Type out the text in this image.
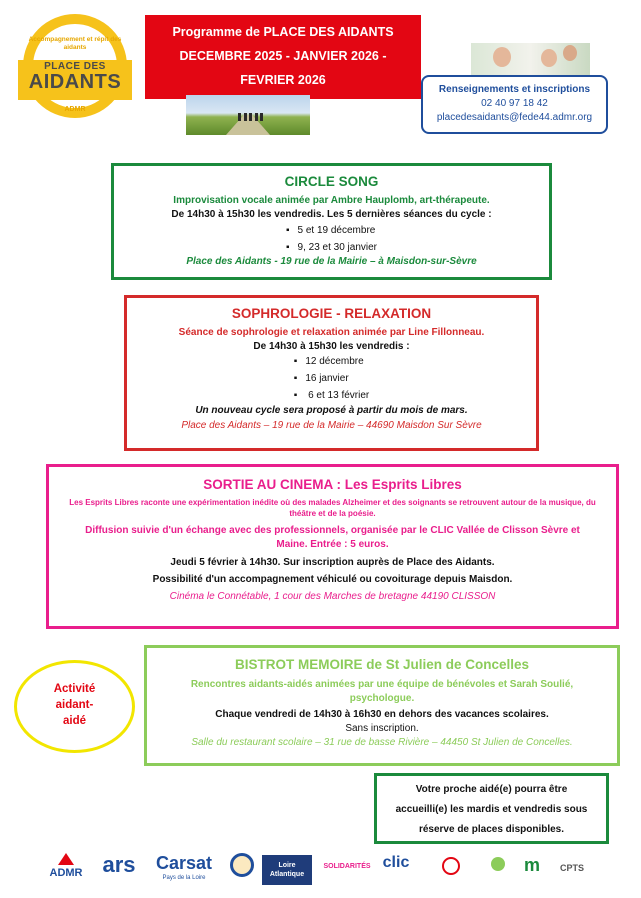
Accompagnement et répit des aidants
PLACE DES
AIDANTS
ADMR
Programme de PLACE DES AIDANTS
DECEMBRE 2025 - JANVIER 2026 -
FEVRIER 2026
Renseignements et inscriptions
02 40 97 18 42
placedesaidants@fede44.admr.org
CIRCLE SONG
Improvisation vocale animée par Ambre Hauplomb, art-thérapeute.
De 14h30 à 15h30 les vendredis. Les 5 dernières séances du cycle :
▪ 5 et 19 décembre
▪ 9, 23 et 30 janvier
Place des Aidants - 19 rue de la Mairie – à Maisdon-sur-Sèvre
SOPHROLOGIE - RELAXATION
Séance de sophrologie et relaxation animée par Line Fillonneau.
De 14h30 à 15h30 les vendredis :
▪ 12 décembre
▪ 16 janvier
▪ 6 et 13 février
Un nouveau cycle sera proposé à partir du mois de mars.
Place des Aidants – 19 rue de la Mairie – 44690 Maisdon Sur Sèvre
SORTIE AU CINEMA : Les Esprits Libres
Les Esprits Libres raconte une expérimentation inédite où des malades Alzheimer et des soignants se retrouvent autour de la musique, du théâtre et de la poésie.
Diffusion suivie d'un échange avec des professionnels, organisée par le CLIC Vallée de Clisson Sèvre et Maine. Entrée : 5 euros.
Jeudi 5 février à 14h30. Sur inscription auprès de Place des Aidants.
Possibilité d'un accompagnement véhiculé ou covoiturage depuis Maisdon.
Cinéma le Connétable, 1 cour des Marches de bretagne 44190 CLISSON
Activité
aidant-
aidé
BISTROT MEMOIRE de St Julien de Concelles
Rencontres aidants-aidés animées par une équipe de bénévoles et Sarah Soulié, psychologue.
Chaque vendredi de 14h30 à 16h30 en dehors des vacances scolaires.
Sans inscription.
Salle du restaurant scolaire – 31 rue de basse Rivière – 44450 St Julien de Concelles.
Votre proche aidé(e) pourra être
accueilli(e) les mardis et vendredis sous
réserve de places disponibles.
ADMR ars	Carsat
Pays de la Loire
Loire Atlantique
SOLIDARITÉS clic	m	CPTS
